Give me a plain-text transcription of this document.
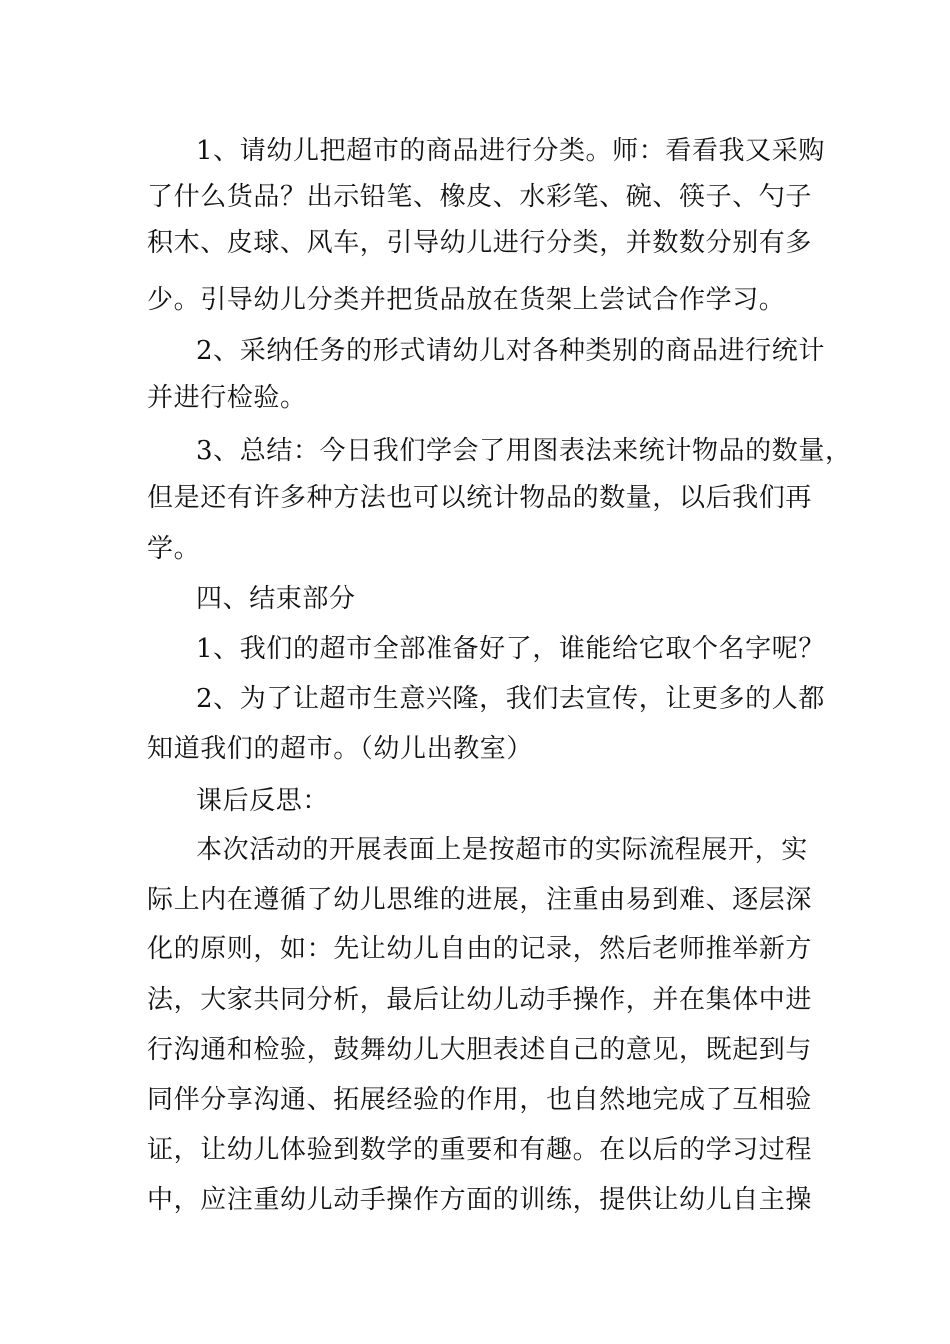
1、请幼儿把超市的商品进行分类。师：看看我又采购
了什么货品？出示铅笔、橡皮、水彩笔、碗、筷子、勺子
积木、皮球、风车，引导幼儿进行分类，并数数分别有多
少。引导幼儿分类并把货品放在货架上尝试合作学习。
2、采纳任务的形式请幼儿对各种类别的商品进行统计
并进行检验。
3、总结：今日我们学会了用图表法来统计物品的数量，
但是还有许多种方法也可以统计物品的数量，以后我们再
学。
四、结束部分
1、我们的超市全部准备好了，谁能给它取个名字呢？
2、为了让超市生意兴隆，我们去宣传，让更多的人都
知道我们的超市。（幼儿出教室）
课后反思：
本次活动的开展表面上是按超市的实际流程展开，实
际上内在遵循了幼儿思维的进展，注重由易到难、逐层深
化的原则，如：先让幼儿自由的记录，然后老师推举新方
法，大家共同分析，最后让幼儿动手操作，并在集体中进
行沟通和检验，鼓舞幼儿大胆表述自己的意见，既起到与
同伴分享沟通、拓展经验的作用，也自然地完成了互相验
证，让幼儿体验到数学的重要和有趣。在以后的学习过程
中，应注重幼儿动手操作方面的训练，提供让幼儿自主操
